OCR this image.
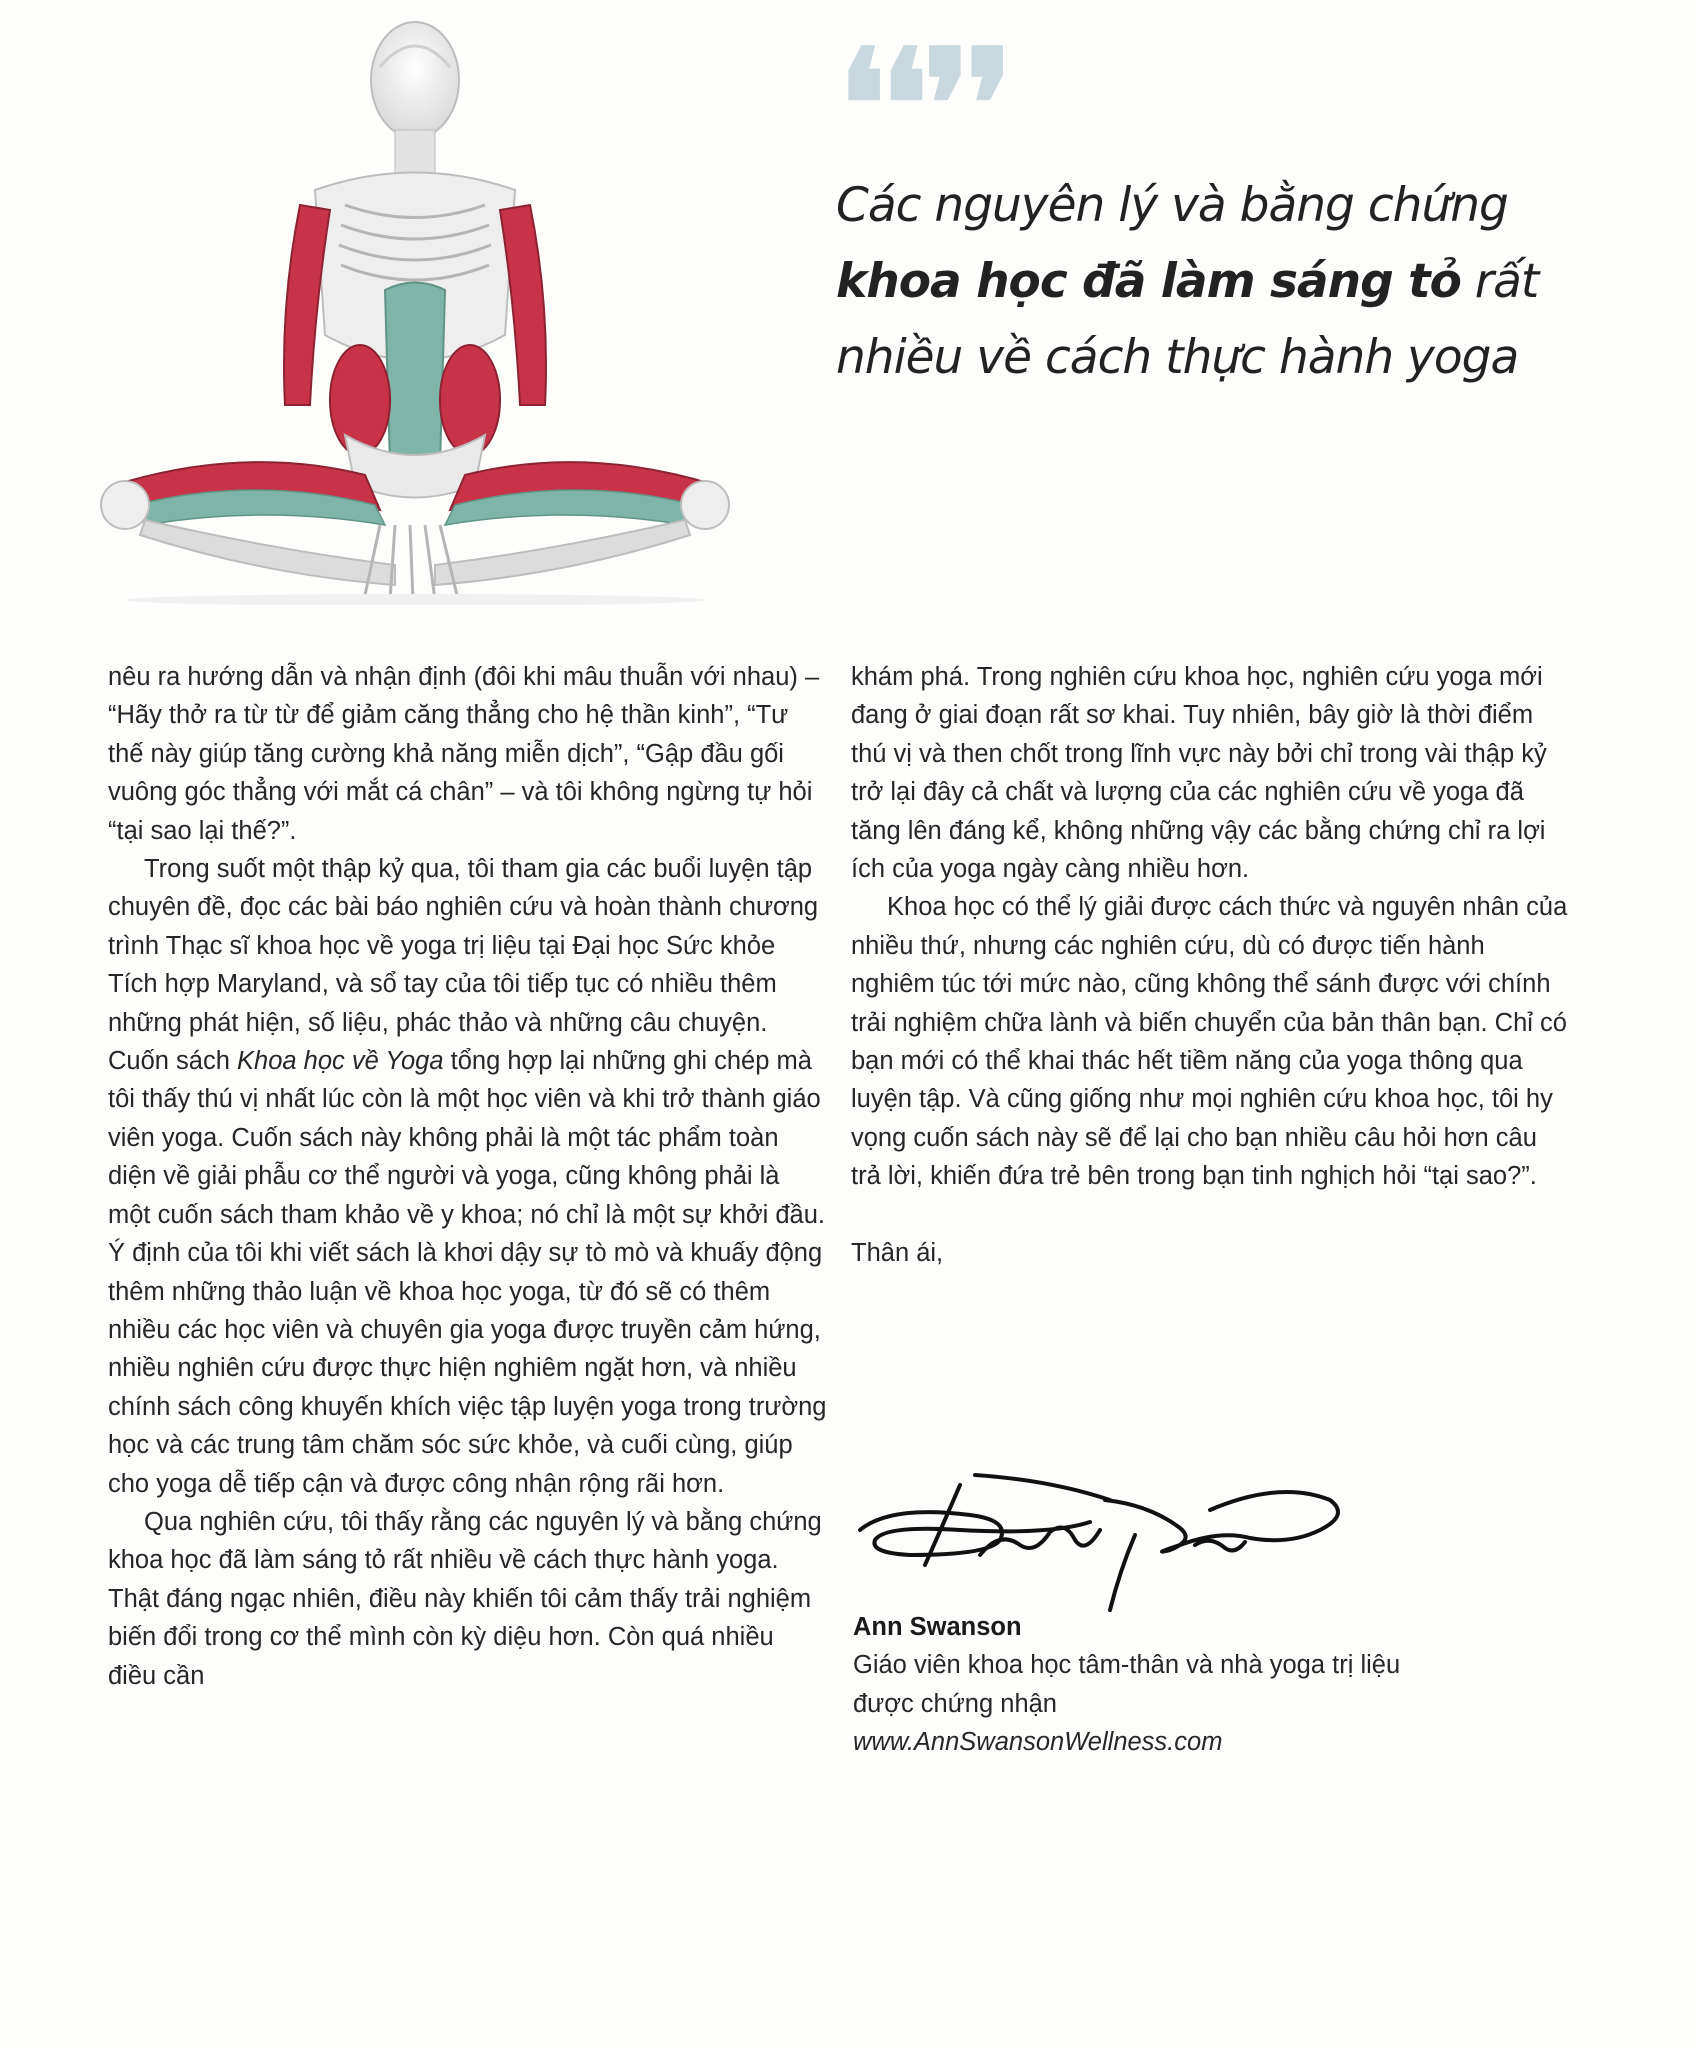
❛❛❜❜

Các nguyên lý và bằng chứng

khoa học đã làm sáng tỏ rất

nhiều về cách thực hành yoga

nêu ra hướng dẫn và nhận định (đôi khi mâu thuẫn với nhau) – “Hãy thở ra từ từ để giảm căng thẳng cho hệ thần kinh”, “Tư thế này giúp tăng cường khả năng miễn dịch”, “Gập đầu gối vuông góc thẳng với mắt cá chân” – và tôi không ngừng tự hỏi “tại sao lại thế?”.

Trong suốt một thập kỷ qua, tôi tham gia các buổi luyện tập chuyên đề, đọc các bài báo nghiên cứu và hoàn thành chương trình Thạc sĩ khoa học về yoga trị liệu tại Đại học Sức khỏe Tích hợp Maryland, và sổ tay của tôi tiếp tục có nhiều thêm những phát hiện, số liệu, phác thảo và những câu chuyện. Cuốn sách Khoa học về Yoga tổng hợp lại những ghi chép mà tôi thấy thú vị nhất lúc còn là một học viên và khi trở thành giáo viên yoga. Cuốn sách này không phải là một tác phẩm toàn diện về giải phẫu cơ thể người và yoga, cũng không phải là một cuốn sách tham khảo về y khoa; nó chỉ là một sự khởi đầu. Ý định của tôi khi viết sách là khơi dậy sự tò mò và khuấy động thêm những thảo luận về khoa học yoga, từ đó sẽ có thêm nhiều các học viên và chuyên gia yoga được truyền cảm hứng, nhiều nghiên cứu được thực hiện nghiêm ngặt hơn, và nhiều chính sách công khuyến khích việc tập luyện yoga trong trường học và các trung tâm chăm sóc sức khỏe, và cuối cùng, giúp cho yoga dễ tiếp cận và được công nhận rộng rãi hơn.

Qua nghiên cứu, tôi thấy rằng các nguyên lý và bằng chứng khoa học đã làm sáng tỏ rất nhiều về cách thực hành yoga. Thật đáng ngạc nhiên, điều này khiến tôi cảm thấy trải nghiệm biến đổi trong cơ thể mình còn kỳ diệu hơn. Còn quá nhiều điều cần

khám phá. Trong nghiên cứu khoa học, nghiên cứu yoga mới đang ở giai đoạn rất sơ khai. Tuy nhiên, bây giờ là thời điểm thú vị và then chốt trong lĩnh vực này bởi chỉ trong vài thập kỷ trở lại đây cả chất và lượng của các nghiên cứu về yoga đã tăng lên đáng kể, không những vậy các bằng chứng chỉ ra lợi ích của yoga ngày càng nhiều hơn.

Khoa học có thể lý giải được cách thức và nguyên nhân của nhiều thứ, nhưng các nghiên cứu, dù có được tiến hành nghiêm túc tới mức nào, cũng không thể sánh được với chính trải nghiệm chữa lành và biến chuyển của bản thân bạn. Chỉ có bạn mới có thể khai thác hết tiềm năng của yoga thông qua luyện tập. Và cũng giống như mọi nghiên cứu khoa học, tôi hy vọng cuốn sách này sẽ để lại cho bạn nhiều câu hỏi hơn câu trả lời, khiến đứa trẻ bên trong bạn tinh nghịch hỏi “tại sao?”.

Thân ái,

Ann Swanson

Giáo viên khoa học tâm-thân và nhà yoga trị liệu

được chứng nhận

www.AnnSwansonWellness.com
